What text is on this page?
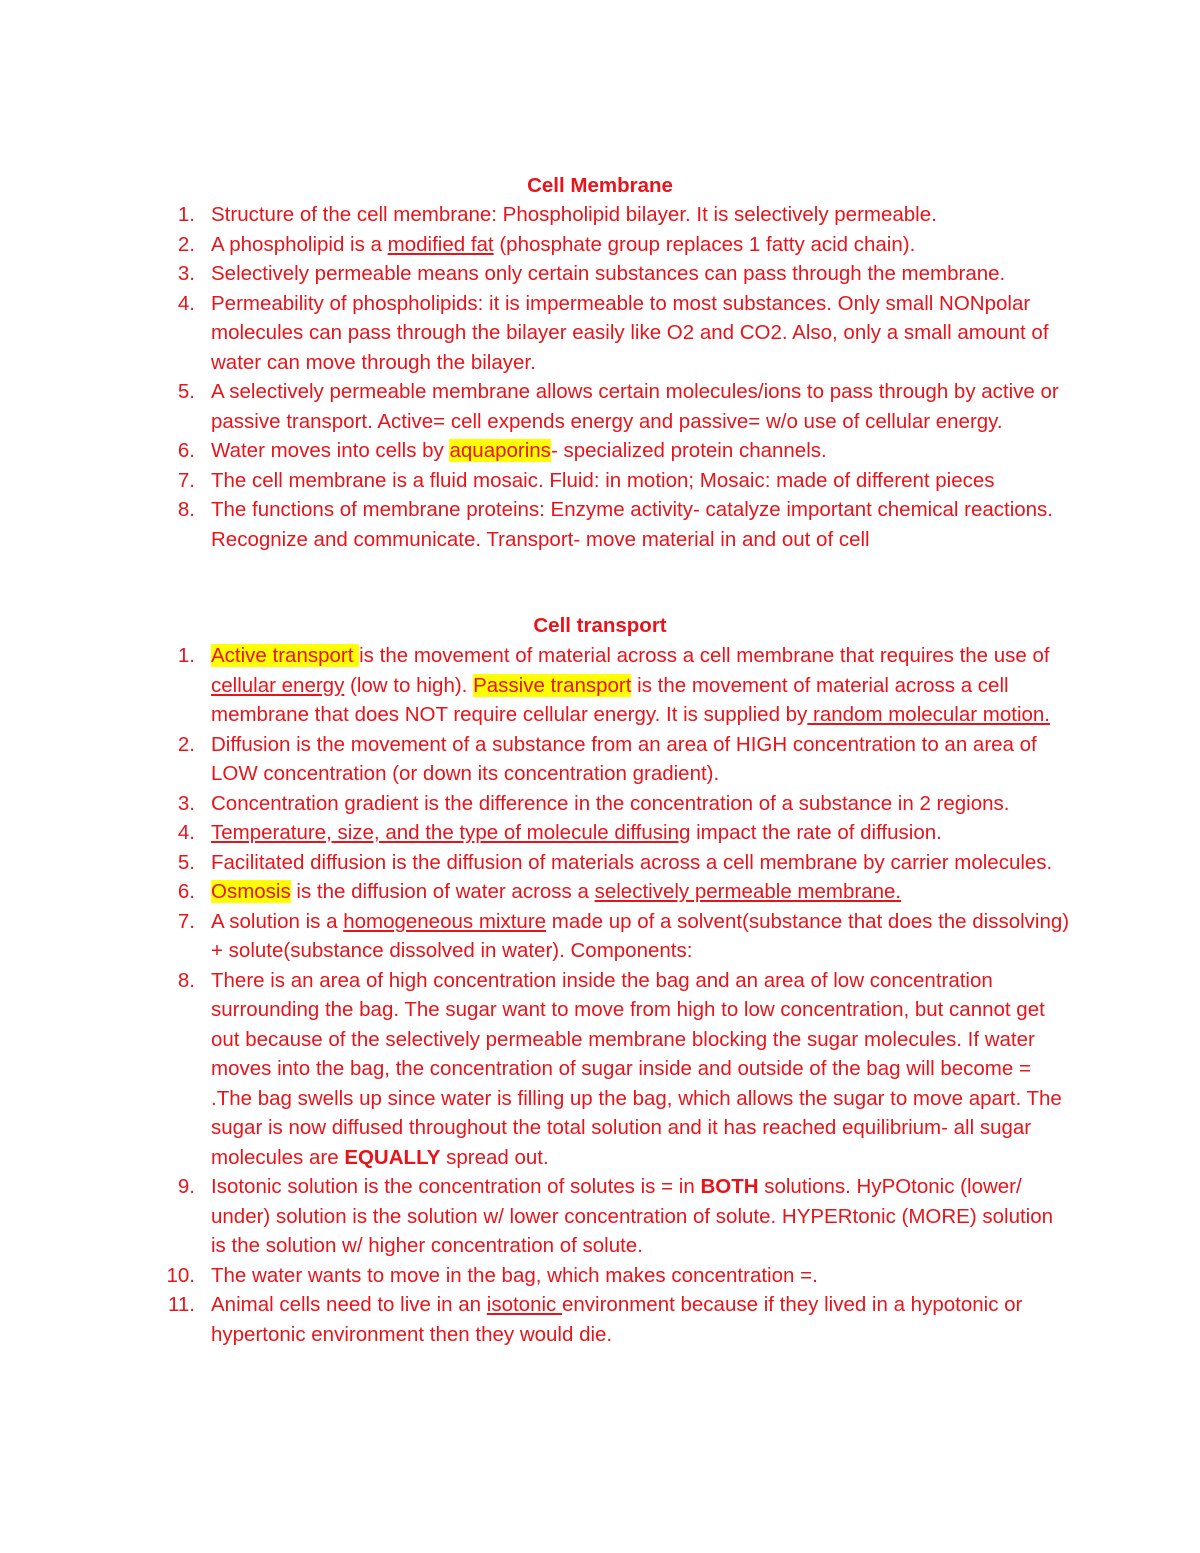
Cell Membrane
1. Structure of the cell membrane: Phospholipid bilayer. It is selectively permeable.
2. A phospholipid is a modified fat (phosphate group replaces 1 fatty acid chain).
3. Selectively permeable means only certain substances can pass through the membrane.
4. Permeability of phospholipids: it is impermeable to most substances. Only small NONpolar molecules can pass through the bilayer easily like O2 and CO2. Also, only a small amount of water can move through the bilayer.
5. A selectively permeable membrane allows certain molecules/ions to pass through by active or passive transport. Active= cell expends energy and passive= w/o use of cellular energy.
6. Water moves into cells by aquaporins- specialized protein channels.
7. The cell membrane is a fluid mosaic. Fluid: in motion; Mosaic: made of different pieces
8. The functions of membrane proteins: Enzyme activity- catalyze important chemical reactions. Recognize and communicate. Transport- move material in and out of cell
Cell transport
1. Active transport is the movement of material across a cell membrane that requires the use of cellular energy (low to high). Passive transport is the movement of material across a cell membrane that does NOT require cellular energy. It is supplied by random molecular motion.
2. Diffusion is the movement of a substance from an area of HIGH concentration to an area of LOW concentration (or down its concentration gradient).
3. Concentration gradient is the difference in the concentration of a substance in 2 regions.
4. Temperature, size, and the type of molecule diffusing impact the rate of diffusion.
5. Facilitated diffusion is the diffusion of materials across a cell membrane by carrier molecules.
6. Osmosis is the diffusion of water across a selectively permeable membrane.
7. A solution is a homogeneous mixture made up of a solvent(substance that does the dissolving) + solute(substance dissolved in water). Components:
8. There is an area of high concentration inside the bag and an area of low concentration surrounding the bag. The sugar want to move from high to low concentration, but cannot get out because of the selectively permeable membrane blocking the sugar molecules. If water moves into the bag, the concentration of sugar inside and outside of the bag will become = .The bag swells up since water is filling up the bag, which allows the sugar to move apart. The sugar is now diffused throughout the total solution and it has reached equilibrium- all sugar molecules are EQUALLY spread out.
9. Isotonic solution is the concentration of solutes is = in BOTH solutions. HyPOtonic (lower/ under) solution is the solution w/ lower concentration of solute. HYPERtonic (MORE) solution is the solution w/ higher concentration of solute.
10. The water wants to move in the bag, which makes concentration =.
11. Animal cells need to live in an isotonic environment because if they lived in a hypotonic or hypertonic environment then they would die.
